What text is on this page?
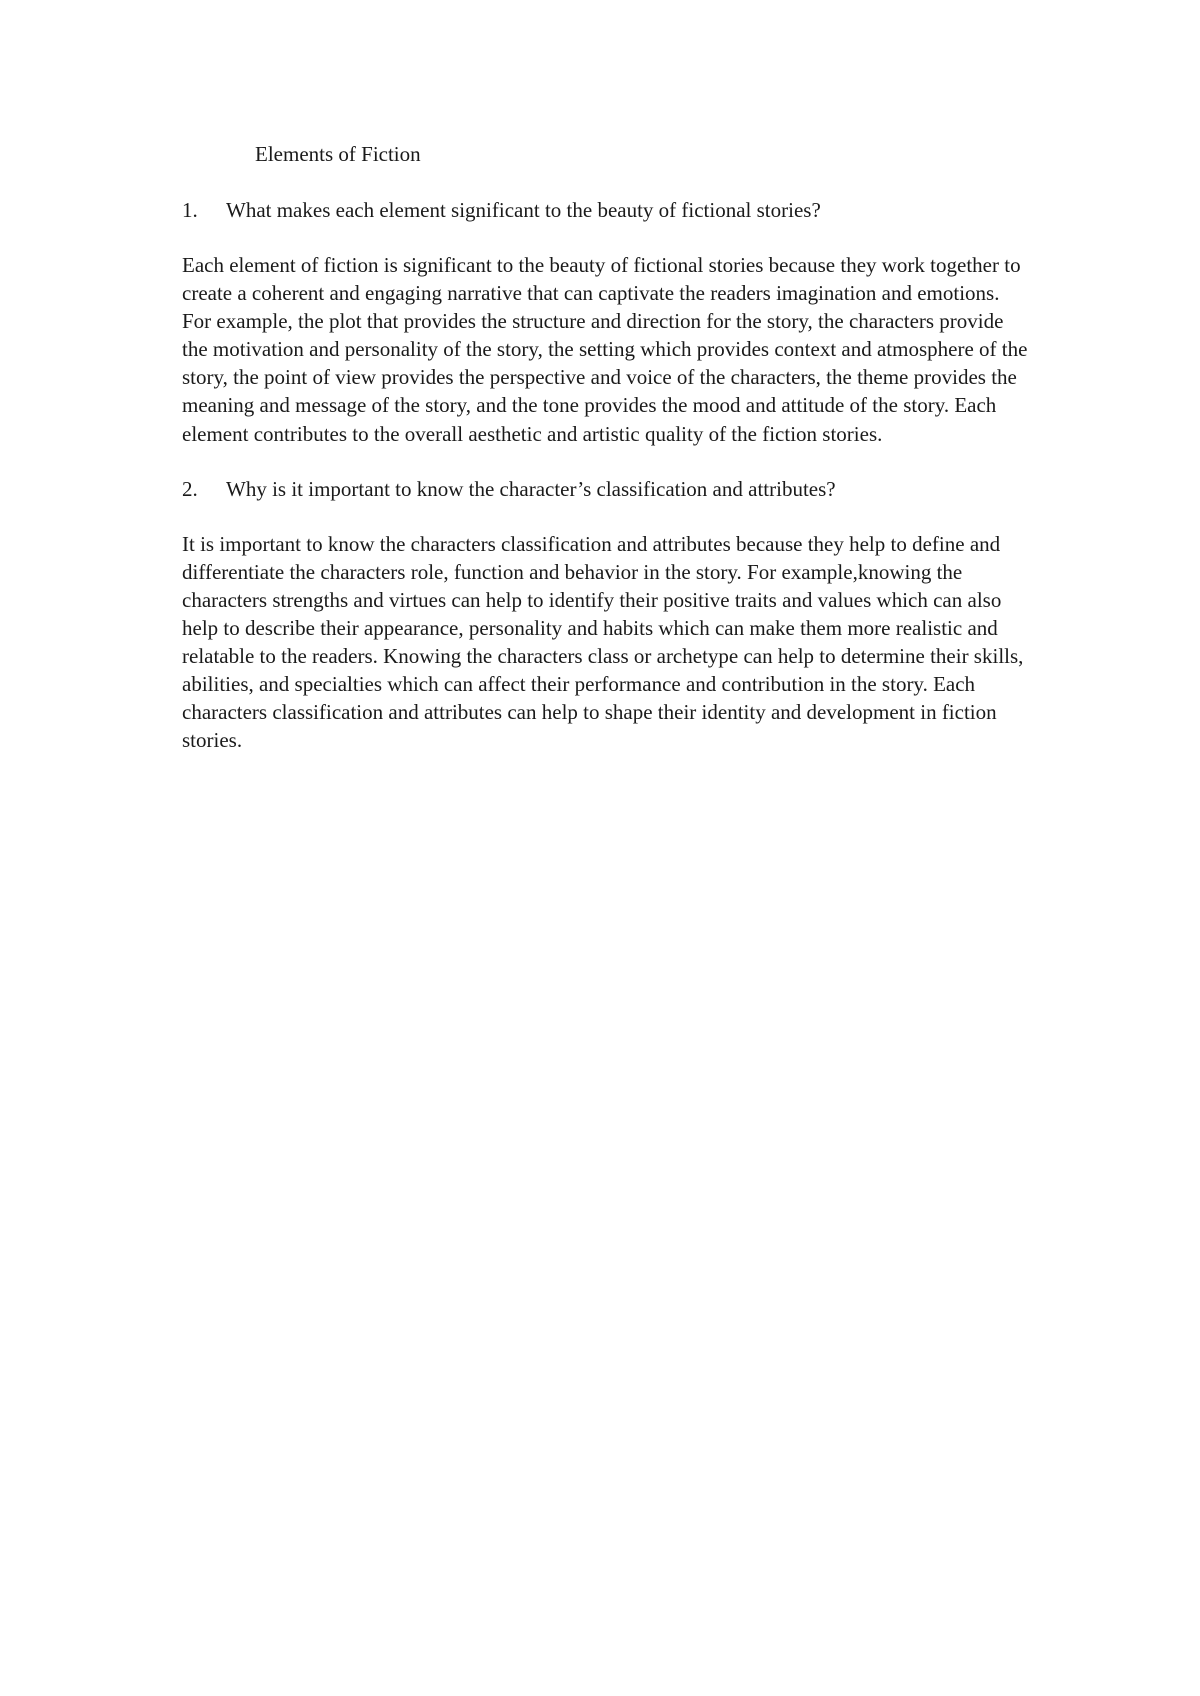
Elements of Fiction
1.	What makes each element significant to the beauty of fictional stories?

Each element of fiction is significant to the beauty of fictional stories because they work together to create a coherent and engaging narrative that can captivate the readers imagination and emotions. For example, the plot that provides the structure and direction for the story, the characters provide the motivation and personality of the story, the setting which provides context and atmosphere of the story, the point of view provides the perspective and voice of the characters, the theme provides the meaning and message of the story, and the tone provides the mood and attitude of the story. Each element contributes to the overall aesthetic and artistic quality of the fiction stories.

2.	Why is it important to know the character’s classification and attributes?

It is important to know the characters classification and attributes because they help to define and differentiate the characters role, function and behavior in the story. For example,knowing the characters strengths and virtues can help to identify their positive traits and values which can also help to describe their appearance, personality and habits which can make them more realistic and relatable to the readers. Knowing the characters class or archetype can help to determine their skills, abilities, and specialties which can affect their performance and contribution in the story. Each characters classification and attributes can help to shape their identity and development in fiction stories.
